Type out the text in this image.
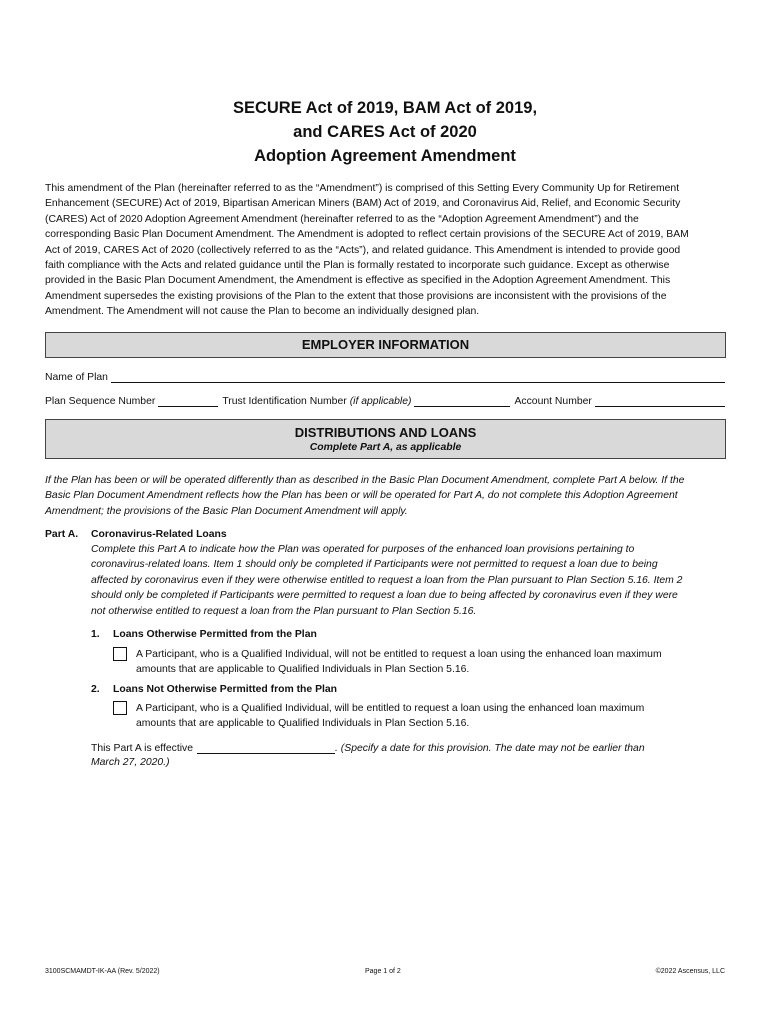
SECURE Act of 2019, BAM Act of 2019,
and CARES Act of 2020
Adoption Agreement Amendment
This amendment of the Plan (hereinafter referred to as the “Amendment”) is comprised of this Setting Every Community Up for Retirement
Enhancement (SECURE) Act of 2019, Bipartisan American Miners (BAM) Act of 2019, and Coronavirus Aid, Relief, and Economic Security
(CARES) Act of 2020 Adoption Agreement Amendment (hereinafter referred to as the “Adoption Agreement Amendment”) and the
corresponding Basic Plan Document Amendment. The Amendment is adopted to reflect certain provisions of the SECURE Act of 2019, BAM
Act of 2019, CARES Act of 2020 (collectively referred to as the “Acts”), and related guidance. This Amendment is intended to provide good
faith compliance with the Acts and related guidance until the Plan is formally restated to incorporate such guidance. Except as otherwise
provided in the Basic Plan Document Amendment, the Amendment is effective as specified in the Adoption Agreement Amendment. This
Amendment supersedes the existing provisions of the Plan to the extent that those provisions are inconsistent with the provisions of the
Amendment. The Amendment will not cause the Plan to become an individually designed plan.
EMPLOYER INFORMATION
Name of Plan
Plan Sequence Number	Trust Identification Number (if applicable)	Account Number
DISTRIBUTIONS AND LOANS
Complete Part A, as applicable
If the Plan has been or will be operated differently than as described in the Basic Plan Document Amendment, complete Part A below. If the
Basic Plan Document Amendment reflects how the Plan has been or will be operated for Part A, do not complete this Adoption Agreement
Amendment; the provisions of the Basic Plan Document Amendment will apply.
Part A. Coronavirus-Related Loans
Complete this Part A to indicate how the Plan was operated for purposes of the enhanced loan provisions pertaining to
coronavirus-related loans. Item 1 should only be completed if Participants were not permitted to request a loan due to being
affected by coronavirus even if they were otherwise entitled to request a loan from the Plan pursuant to Plan Section 5.16. Item 2
should only be completed if Participants were permitted to request a loan due to being affected by coronavirus even if they were
not otherwise entitled to request a loan from the Plan pursuant to Plan Section 5.16.
1. Loans Otherwise Permitted from the Plan
A Participant, who is a Qualified Individual, will not be entitled to request a loan using the enhanced loan maximum
amounts that are applicable to Qualified Individuals in Plan Section 5.16.
2. Loans Not Otherwise Permitted from the Plan
A Participant, who is a Qualified Individual, will be entitled to request a loan using the enhanced loan maximum
amounts that are applicable to Qualified Individuals in Plan Section 5.16.
This Part A is effective	. (Specify a date for this provision. The date may not be earlier than
March 27, 2020.)
3100SCMAMDT-IK-AA (Rev. 5/2022)	Page 1 of 2	©2022 Ascensus, LLC
